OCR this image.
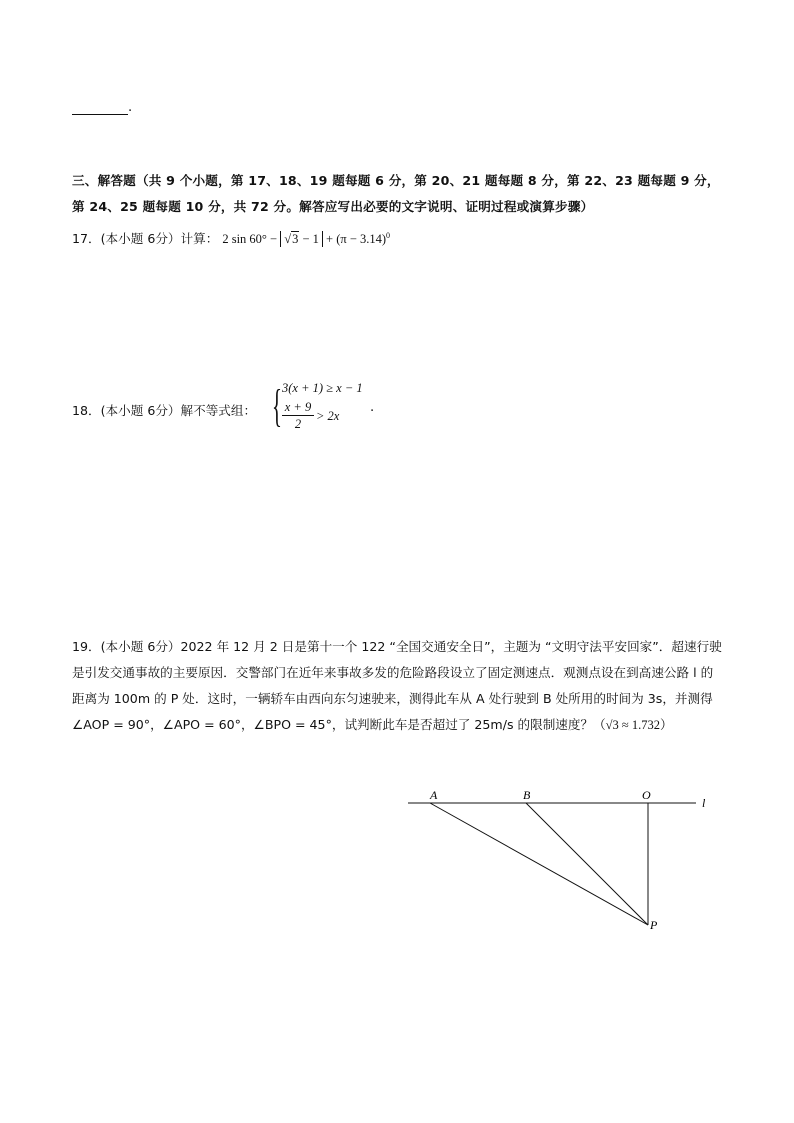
.
三、解答题（共 9 个小题，第 17、18、19 题每题 6 分，第 20、21 题每题 8 分，第 22、23 题每题 9 分，第 24、25 题每题 10 分，共 72 分。解答应写出必要的文字说明、证明过程或演算步骤）
17．(本小题 6分）计算： 2 $\sin 60^\circ - √3 - 1 + (\pi - 3.14)^0$
18．(本小题 6分）解不等式组： { 3(x + 1) ≥ x − 1
$\frac{x + 9}{2} > 2x$
.
19．(本小题 6分）2022 年 12 月 2 日是第十一个 122 “全国交通安全日”，主题为 “文明守法平安回家”．超速行驶是引发交通事故的主要原因．交警部门在近年来事故多发的危险路段设立了固定测速点．观测点设在到高速公路 l 的距离为 100m 的 P 处．这时，一辆轿车由西向东匀速驶来，测得此车从 A 处行驶到 B 处所用的时间为 3s，并测得 ∠AOP = 90°，∠APO = 60°，∠BPO = 45°，试判断此车是否超过了 25m/s 的限制速度？（√3 ≈ 1.732）
A	B	O
l
P
